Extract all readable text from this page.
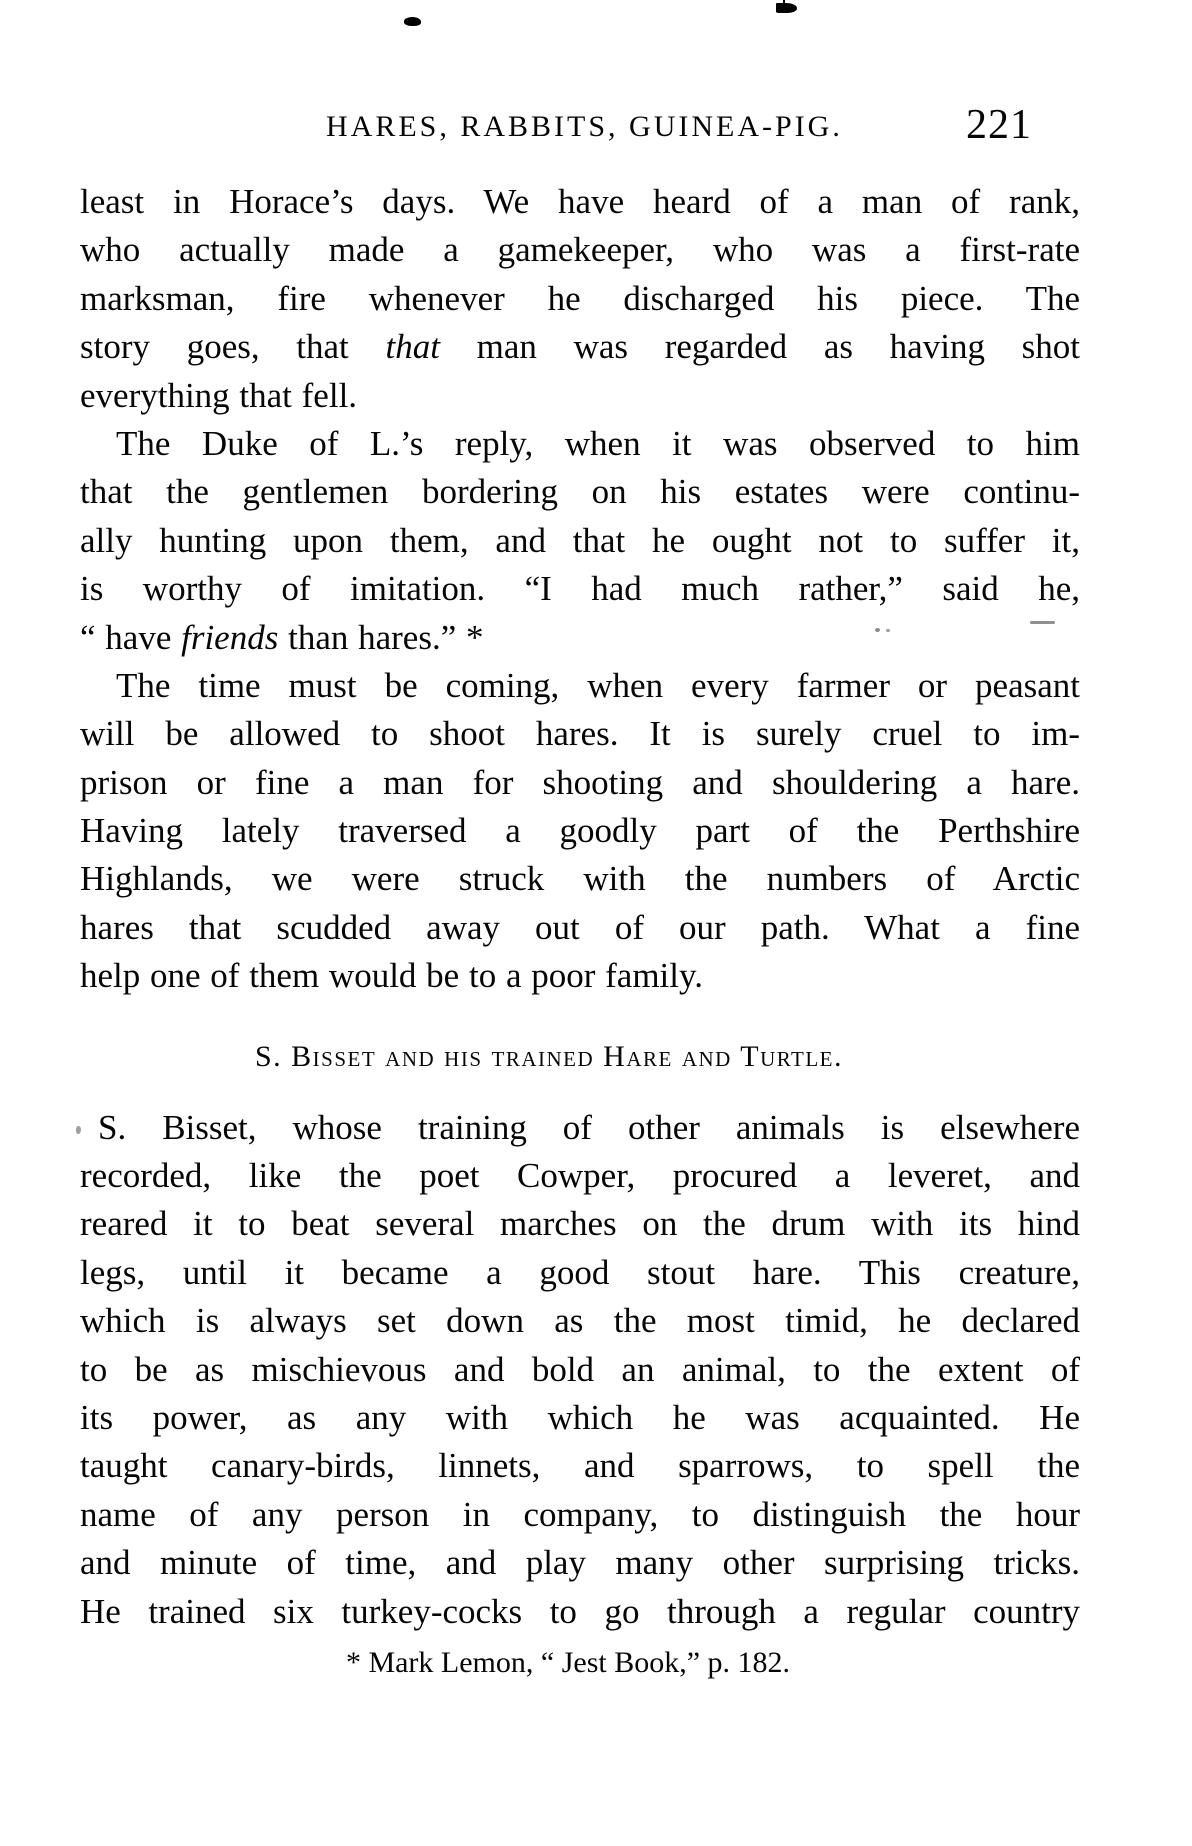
HARES, RABBITS, GUINEA-PIG.	221
least in Horace’s days. We have heard of a man of rank,
who actually made a gamekeeper, who was a first-rate
marksman, fire whenever he discharged his piece. The
story goes, that that man was regarded as having shot
everything that fell.
The Duke of L.’s reply, when it was observed to him
that the gentlemen bordering on his estates were continu-
ally hunting upon them, and that he ought not to suffer it,
is worthy of imitation. “I had much rather,” said he,
“ have friends than hares.” *
The time must be coming, when every farmer or peasant
will be allowed to shoot hares. It is surely cruel to im-
prison or fine a man for shooting and shouldering a hare.
Having lately traversed a goodly part of the Perthshire
Highlands, we were struck with the numbers of Arctic
hares that scudded away out of our path. What a fine
help one of them would be to a poor family.
S. Bisset and his trained Hare and Turtle.
S. Bisset, whose training of other animals is elsewhere
recorded, like the poet Cowper, procured a leveret, and
reared it to beat several marches on the drum with its hind
legs, until it became a good stout hare. This creature,
which is always set down as the most timid, he declared
to be as mischievous and bold an animal, to the extent of
its power, as any with which he was acquainted. He
taught canary-birds, linnets, and sparrows, to spell the
name of any person in company, to distinguish the hour
and minute of time, and play many other surprising tricks.
He trained six turkey-cocks to go through a regular country
* Mark Lemon, “ Jest Book,” p. 182.
